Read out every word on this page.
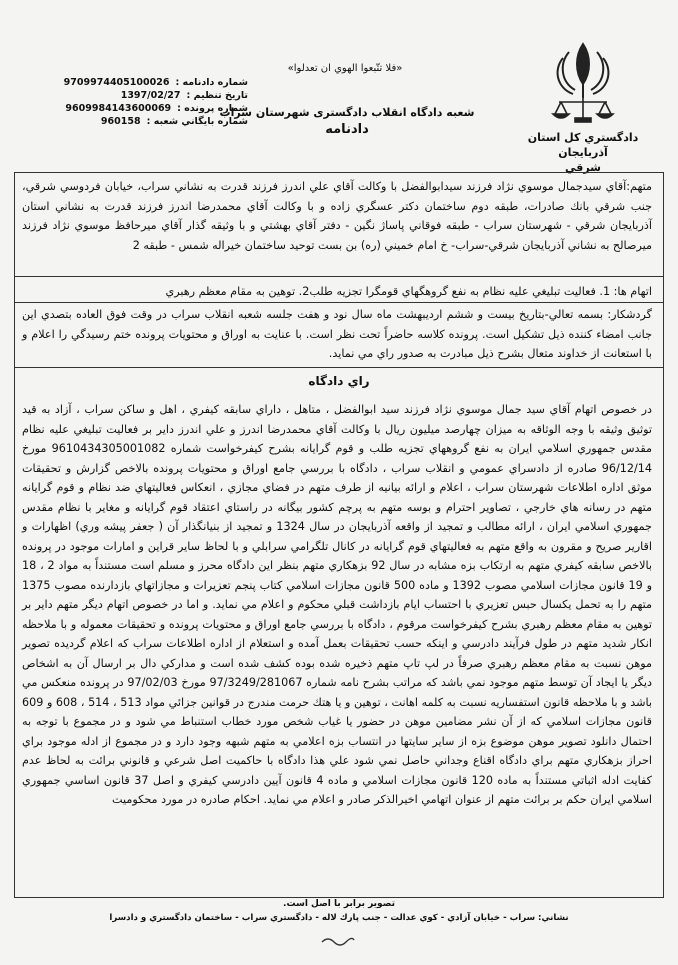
دادگستري كل استان آذربايجان
شرقي
«فلا تتّبعوا الهوي ان تعدلوا»
شعبه دادگاه انقلاب دادگستری شهرستان سراب
دادنامه
شماره دادنامه :
9709974405100026
تاريخ تنظيم :
1397/02/27
شماره پرونده :
9609984143600069
شماره بايگاني شعبه :
960158

متهم:آقاي سيدجمال موسوي نژاد فرزند سيدابوالفضل با وكالت آقاي علي اندرز فرزند قدرت به نشاني سراب، خيابان فردوسي شرقي، جنب شرقي بانك صادرات، طبقه دوم ساختمان دكتر عسگري زاده و با وكالت آقاي محمدرضا اندرز فرزند قدرت به نشاني استان آذربايجان شرقي - شهرستان سراب - طبقه فوقاني پاساژ نگين - دفتر آقاي بهشتي و با وثيقه گذار آقاي ميرحافظ موسوي نژاد فرزند ميرصالح به نشاني آذربايجان شرقي-سراب- خ امام خميني (ره) بن بست توحيد ساختمان خيراله شمس - طبقه 2

اتهام ها: 1. فعاليت تبليغي عليه نظام به نفع گروهگهاي قومگرا تجزيه طلب2. توهين به مقام معظم رهبري

گردشكار: بسمه تعالي-بتاريخ بيست و ششم ارديبهشت ماه سال نود و هفت جلسه شعبه انقلاب سراب در وقت فوق العاده بتصدي اين جانب امضاء كننده ذيل تشكيل است. پرونده كلاسه حاضراً تحت نظر است. با عنايت به اوراق و محتويات پرونده ختم رسيدگي را اعلام و با استعانت از خداوند متعال بشرح ذيل مبادرت به صدور راي مي نمايد.

راي دادگاه

در خصوص اتهام آقاي سيد جمال موسوي نژاد فرزند سيد ابوالفضل ، متاهل ، داراي سابقه كيفري ، اهل و ساكن سراب ، آزاد به قيد توثيق وثيقه با وجه الوثاقه به ميزان چهارصد ميليون ريال با وكالت آقاي محمدرضا اندرز و علي اندرز داير بر فعاليت تبليغي عليه نظام مقدس جمهوري اسلامي ايران به نفع گروههاي تجزيه طلب و قوم گرايانه بشرح كيفرخواست شماره 9610434305001082 مورخ 96/12/14 صادره از دادسراي عمومي و انقلاب سراب ، دادگاه با بررسي جامع اوراق و محتويات پرونده بالاخص گزارش و تحقيقات موثق اداره اطلاعات شهرستان سراب ، اعلام و ارائه بيانيه از طرف متهم در فضاي مجازي ، انعكاس فعاليتهاي ضد نظام و قوم گرايانه متهم در رسانه هاي خارجي ، تصاوير احترام و بوسه متهم به پرچم كشور بيگانه در راستاي اعتقاد قوم گرايانه و مغاير با نظام مقدس جمهوري اسلامي ايران ، ارائه مطالب و تمجيد از واقعه آذربايجان در سال 1324 و تمجيد از بنيانگذار آن ( جعفر پيشه وري) اظهارات و اقارير صريح و مقرون به واقع متهم به فعاليتهاي قوم گرايانه در كانال تلگرامي سرابلي و با لحاظ ساير قراين و امارات موجود در پرونده بالاخص سابقه كيفري متهم به ارتكاب بزه مشابه در سال 92 بزهكاري متهم بنظر اين دادگاه محرز و مسلم است مستنداً به مواد 2 ، 18 و 19 قانون مجازات اسلامي مصوب 1392 و ماده 500 قانون مجازات اسلامي كتاب پنجم تعزيرات و مجازاتهاي بازدارنده مصوب 1375 متهم را به تحمل يكسال حبس تعزيري با احتساب ايام بازداشت قبلي محكوم و اعلام مي نمايد. و اما در خصوص اتهام ديگر متهم داير بر توهين به مقام معظم رهبري بشرح كيفرخواست مرقوم ، دادگاه با بررسي جامع اوراق و محتويات پرونده و تحقيقات معموله و با ملاحظه انكار شديد متهم در طول فرآيند دادرسي و اينكه حسب تحقيقات بعمل آمده و استعلام از اداره اطلاعات سراب كه اعلام گرديده تصوير موهن نسبت به مقام معظم رهبري صرفاً در لپ تاپ متهم ذخيره شده بوده كشف شده است و مداركي دال بر ارسال آن به اشخاص ديگر يا ايجاد آن توسط متهم موجود نمي باشد كه مراتب بشرح نامه شماره 97/3249/281067 مورخ 97/02/03 در پرونده منعكس مي باشد و با ملاحظه قانون استفساريه نسبت به كلمه اهانت ، توهين و يا هتك حرمت مندرج در قوانين جزائي مواد 513 ، 514 ، 608 و 609 قانون مجازات اسلامي كه از آن نشر مضامين موهن در حضور يا غياب شخص مورد خطاب استنباط مي شود و در مجموع با توجه به احتمال دانلود تصوير موهن موضوع بزه از ساير سايتها در انتساب بزه اعلامي به متهم شبهه وجود دارد و در مجموع از ادله موجود براي احراز بزهكاري متهم براي دادگاه اقناع وجداني حاصل نمي شود علي هذا دادگاه با حاكميت اصل شرعي و قانوني برائت به لحاظ عدم كفايت ادله اثباتي مستنداً به ماده 120 قانون مجازات اسلامي و ماده 4 قانون آيين دادرسي كيفري و اصل 37 قانون اساسي جمهوري اسلامي ايران حكم بر برائت متهم از عنوان اتهامي اخيرالذكر صادر و اعلام مي نمايد. احكام صادره در مورد محكوميت

تصوير برابر با اصل است.
نشاني: سراب - خيابان آزادي - كوي عدالت - جنب پارك لاله - دادگستري سراب - ساختمان دادگستري و دادسرا
